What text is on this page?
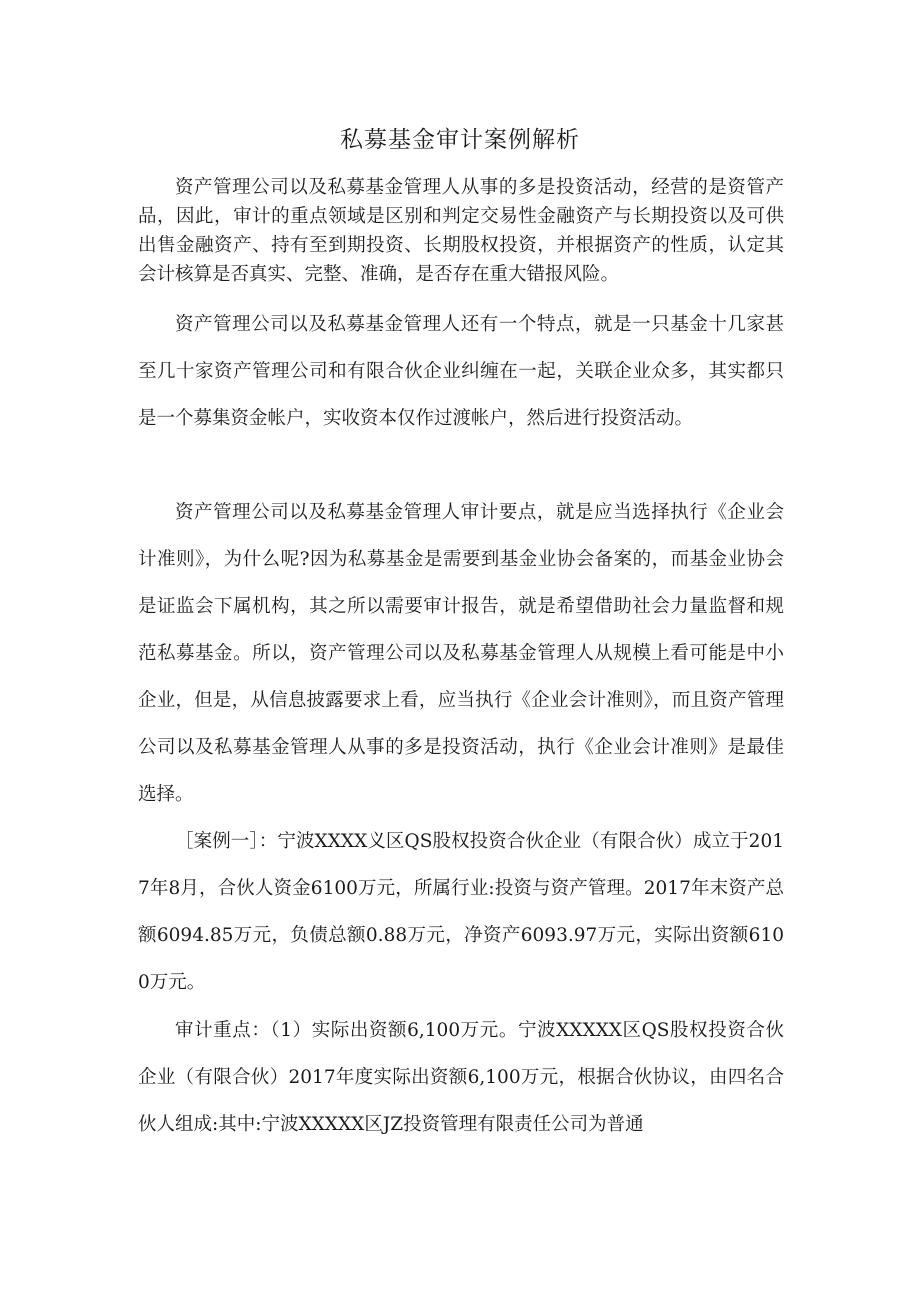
私募基金审计案例解析

资产管理公司以及私募基金管理人从事的多是投资活动，经营的是资管产品，因此，审计的重点领域是区别和判定交易性金融资产与长期投资以及可供出售金融资产、持有至到期投资、长期股权投资，并根据资产的性质，认定其会计核算是否真实、完整、准确，是否存在重大错报风险。

资产管理公司以及私募基金管理人还有一个特点，就是一只基金十几家甚至几十家资产管理公司和有限合伙企业纠缠在一起，关联企业众多，其实都只是一个募集资金帐户，实收资本仅作过渡帐户，然后进行投资活动。

资产管理公司以及私募基金管理人审计要点，就是应当选择执行《企业会计准则》，为什么呢?因为私募基金是需要到基金业协会备案的，而基金业协会是证监会下属机构，其之所以需要审计报告，就是希望借助社会力量监督和规范私募基金。所以，资产管理公司以及私募基金管理人从规模上看可能是中小企业，但是，从信息披露要求上看，应当执行《企业会计准则》，而且资产管理公司以及私募基金管理人从事的多是投资活动，执行《企业会计准则》是最佳选择。

［案例一］：宁波XXXX义区QS股权投资合伙企业（有限合伙）成立于2017年8月，合伙人资金6100万元，所属行业:投资与资产管理。2017年末资产总额6094.85万元，负债总额0.88万元，净资产6093.97万元，实际出资额6100万元。

审计重点：（1）实际出资额6,100万元。宁波XXXXX区QS股权投资合伙企业（有限合伙）2017年度实际出资额6,100万元，根据合伙协议，由四名合伙人组成:其中:宁波XXXXX区JZ投资管理有限责任公司为普通
